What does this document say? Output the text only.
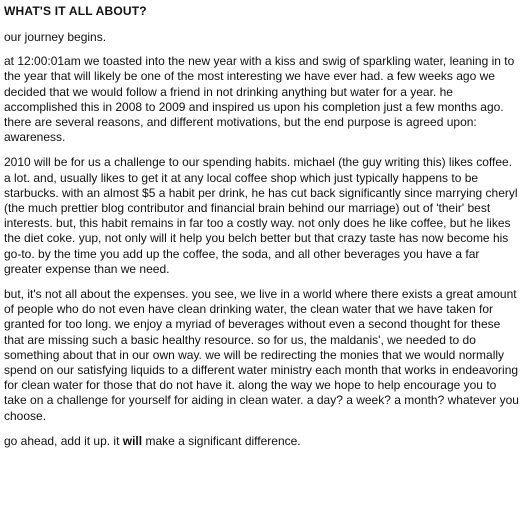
WHAT'S IT ALL ABOUT?

our journey begins.

at 12:00:01am we toasted into the new year with a kiss and swig of sparkling water, leaning in to the year that will likely be one of the most interesting we have ever had. a few weeks ago we decided that we would follow a friend in not drinking anything but water for a year. he accomplished this in 2008 to 2009 and inspired us upon his completion just a few months ago. there are several reasons, and different motivations, but the end purpose is agreed upon: awareness.

2010 will be for us a challenge to our spending habits. michael (the guy writing this) likes coffee. a lot. and, usually likes to get it at any local coffee shop which just typically happens to be starbucks. with an almost $5 a habit per drink, he has cut back significantly since marrying cheryl (the much prettier blog contributor and financial brain behind our marriage) out of 'their' best interests. but, this habit remains in far too a costly way. not only does he like coffee, but he likes the diet coke. yup, not only will it help you belch better but that crazy taste has now become his go-to. by the time you add up the coffee, the soda, and all other beverages you have a far greater expense than we need.

but, it's not all about the expenses. you see, we live in a world where there exists a great amount of people who do not even have clean drinking water, the clean water that we have taken for granted for too long. we enjoy a myriad of beverages without even a second thought for these that are missing such a basic healthy resource. so for us, the maldanis', we needed to do something about that in our own way. we will be redirecting the monies that we would normally spend on our satisfying liquids to a different water ministry each month that works in endeavoring for clean water for those that do not have it. along the way we hope to help encourage you to take on a challenge for yourself for aiding in clean water. a day? a week? a month? whatever you choose.

go ahead, add it up. it will make a significant difference.
